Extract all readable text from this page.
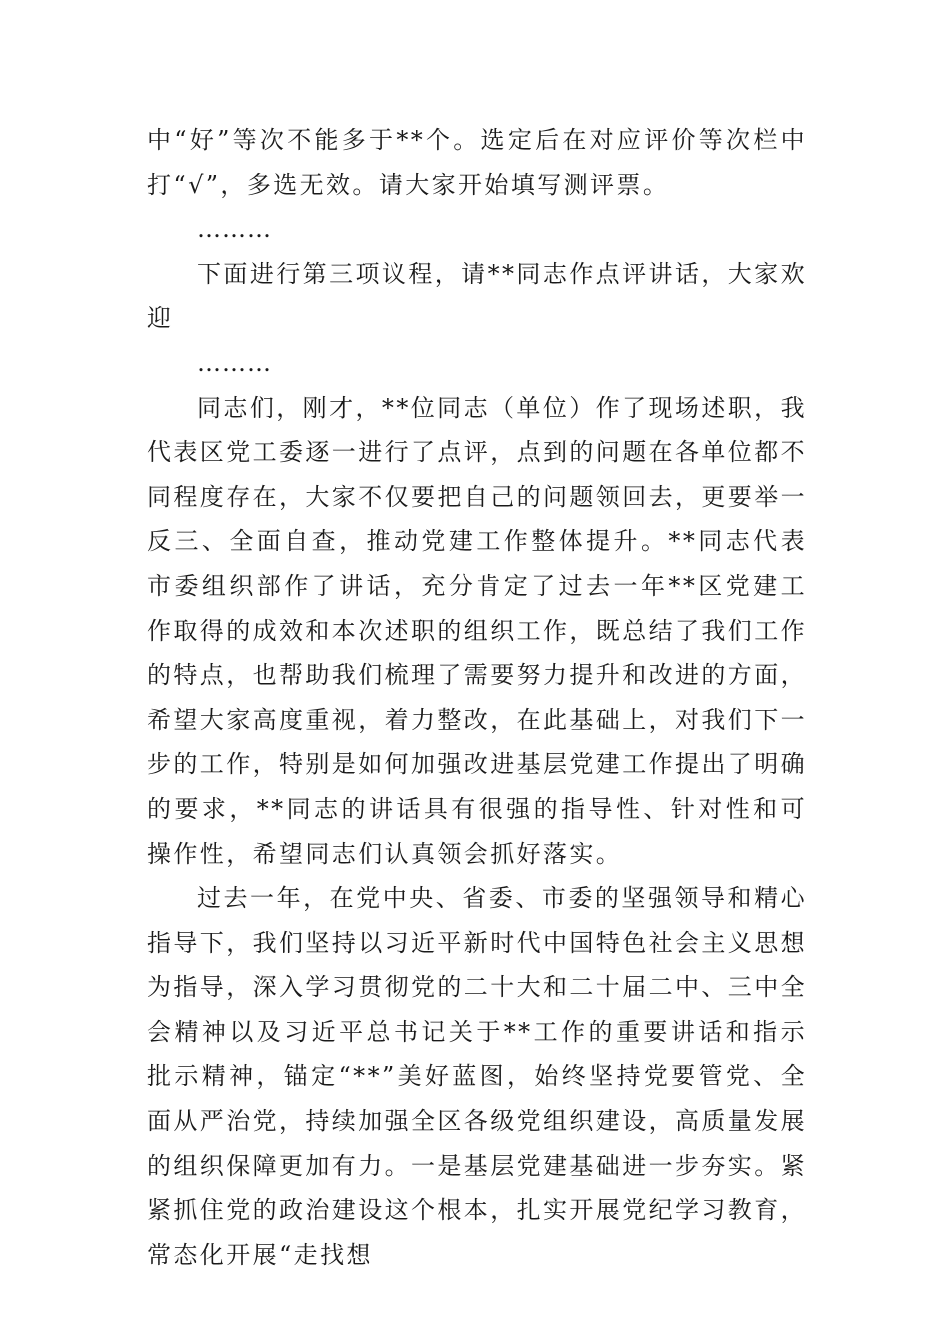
中“好”等次不能多于**个。选定后在对应评价等次栏中打“√”，多选无效。请大家开始填写测评票。

………

下面进行第三项议程，请**同志作点评讲话，大家欢迎

………

同志们，刚才，**位同志（单位）作了现场述职，我代表区党工委逐一进行了点评，点到的问题在各单位都不同程度存在，大家不仅要把自己的问题领回去，更要举一反三、全面自查，推动党建工作整体提升。**同志代表市委组织部作了讲话，充分肯定了过去一年**区党建工作取得的成效和本次述职的组织工作，既总结了我们工作的特点，也帮助我们梳理了需要努力提升和改进的方面，希望大家高度重视，着力整改，在此基础上，对我们下一步的工作，特别是如何加强改进基层党建工作提出了明确的要求，**同志的讲话具有很强的指导性、针对性和可操作性，希望同志们认真领会抓好落实。

过去一年，在党中央、省委、市委的坚强领导和精心指导下，我们坚持以习近平新时代中国特色社会主义思想为指导，深入学习贯彻党的二十大和二十届二中、三中全会精神以及习近平总书记关于**工作的重要讲话和指示批示精神，锚定“**”美好蓝图，始终坚持党要管党、全面从严治党，持续加强全区各级党组织建设，高质量发展的组织保障更加有力。一是基层党建基础进一步夯实。紧紧抓住党的政治建设这个根本，扎实开展党纪学习教育，常态化开展“走找想
